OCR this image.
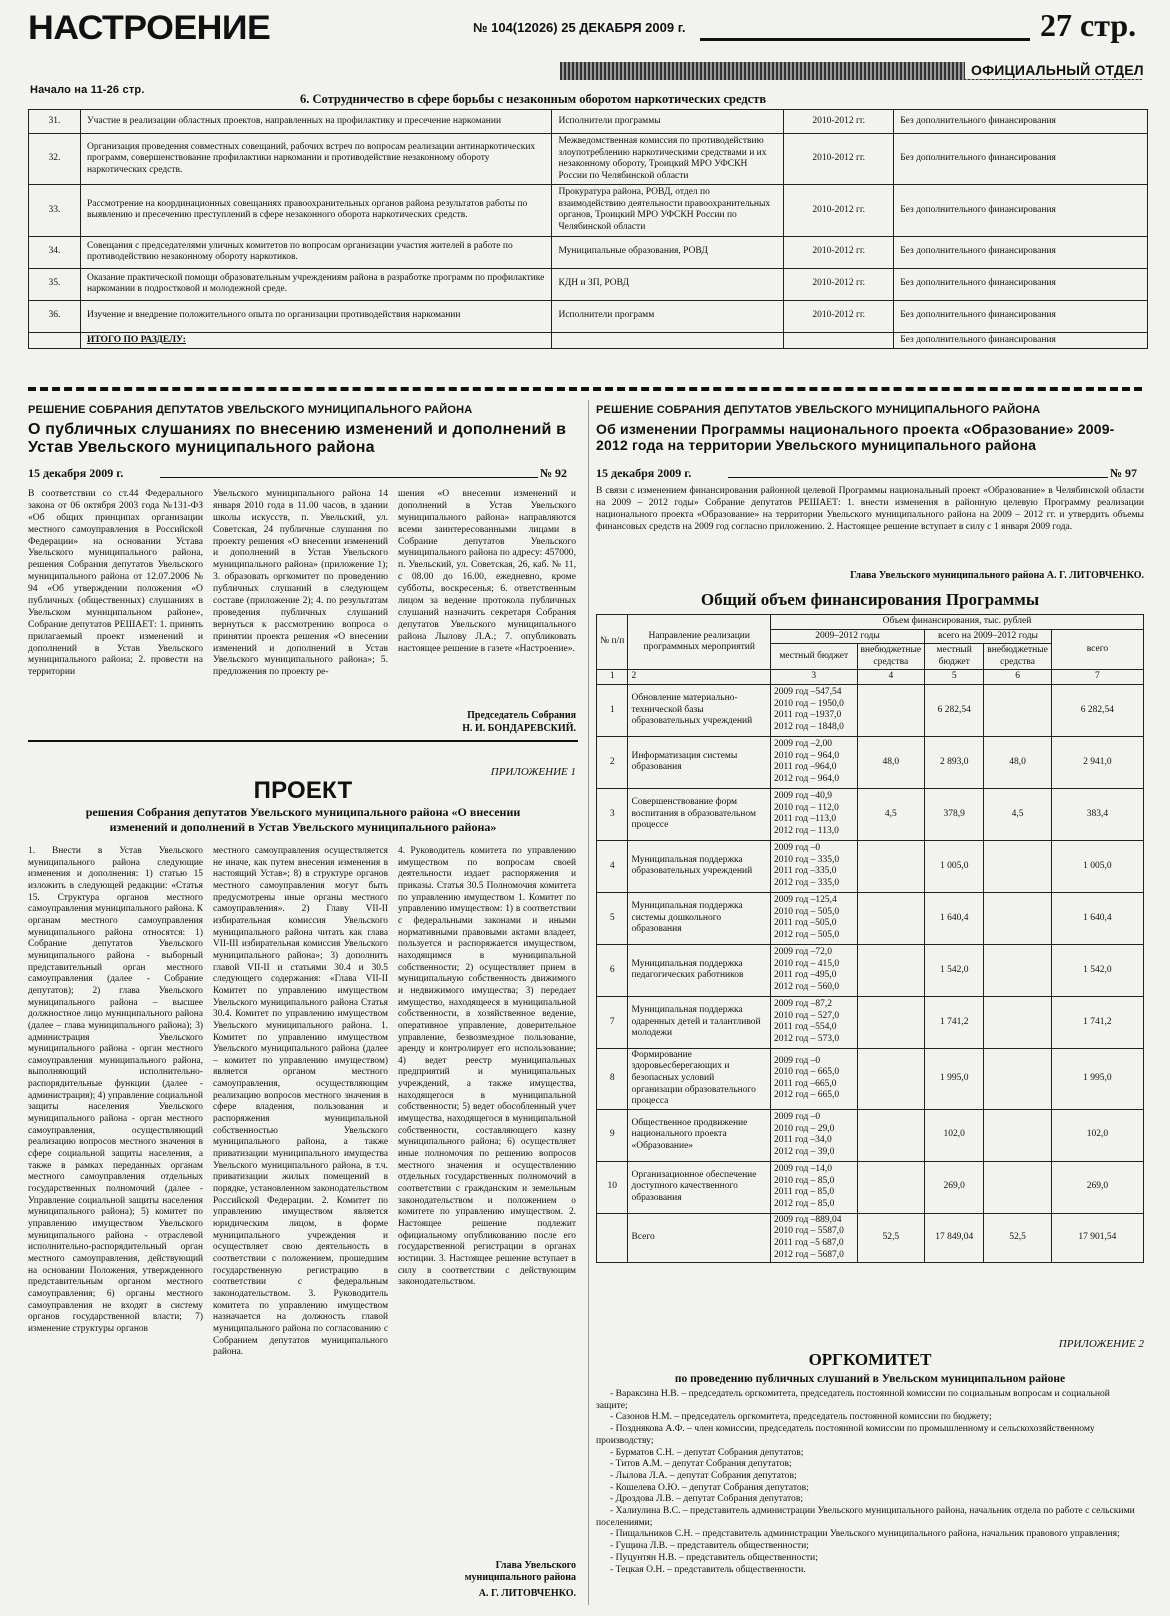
НАСТРОЕНИЕ	№ 104(12026) 25 ДЕКАБРЯ 2009 г.	27 стр.
ОФИЦИАЛЬНЫЙ ОТДЕЛ
Начало на 11-26 стр.
6. Сотрудничество в сфере борьбы с незаконным оборотом наркотических средств
31.	Участие в реализации областных проектов, направленных на профилактику и пресечение наркомании	Исполнители программы	2010-2012 гг.	Без дополнительного финансирования
32.	Организация проведения совместных совещаний, рабочих встреч по вопросам реализации антинаркотических программ, совершенствование профилактики наркомании и противодействие незаконному обороту наркотических средств.	Межведомственная комиссия по противодействию злоупотреблению наркотическими средствами и их незаконному обороту, Троицкий МРО УФСКН России по Челябинской области	2010-2012 гг.	Без дополнительного финансирования
33.	Рассмотрение на координационных совещаниях правоохранительных органов района результатов работы по выявлению и пресечению преступлений в сфере незаконного оборота наркотических средств.	Прокуратура района, РОВД, отдел по взаимодействию деятельности правоохранительных органов, Троицкий МРО УФСКН России по Челябинской области	2010-2012 гг.	Без дополнительного финансирования
34.	Совещания с председателями уличных комитетов по вопросам организации участия жителей в работе по противодействию незаконному обороту наркотиков.	Муниципальные образования, РОВД	2010-2012 гг.	Без дополнительного финансирования
35.	Оказание практической помощи образовательным учреждениям района в разработке программ по профилактике наркомании в подростковой и молодежной среде.	КДН и ЗП, РОВД	2010-2012 гг.	Без дополнительного финансирования
36.	Изучение и внедрение положительного опыта по организации противодействия наркомании	Исполнители программ	2010-2012 гг.	Без дополнительного финансирования
	ИТОГО ПО РАЗДЕЛУ:			Без дополнительного финансирования
РЕШЕНИЕ СОБРАНИЯ ДЕПУТАТОВ УВЕЛЬСКОГО МУНИЦИПАЛЬНОГО РАЙОНА
О публичных слушаниях по внесению изменений и дополнений в Устав Увельского муниципального района
15 декабря 2009 г.	№ 92
В соответствии со ст.44 Федерального закона от 06 октября 2003 года №131-ФЗ «Об общих принципах организации местного самоуправления в Российской Федерации» на основании Устава Увельского муниципального района, решения Собрания депутатов Увельского муниципального района от 12.07.2006 № 94 «Об утверждении положения «О публичных (общественных) слушаниях в Увельском муниципальном районе», Собрание депутатов РЕШАЕТ: 1. принять прилагаемый проект изменений и дополнений в Устав Увельского муниципального района; 2. провести на территории
Увельского муниципального района 14 января 2010 года в 11.00 часов, в здании школы искусств, п. Увельский, ул. Советская, 24 публичные слушания по проекту решения «О внесении изменений и дополнений в Устав Увельского муниципального района» (приложение 1); 3. образовать оргкомитет по проведению публичных слушаний в следующем составе (приложение 2); 4. по результатам проведения публичных слушаний вернуться к рассмотрению вопроса о принятии проекта решения «О внесении изменений и дополнений в Устав Увельского муниципального района»; 5. предложения по проекту ре-
шения «О внесении изменений и дополнений в Устав Увельского муниципального района» направляются всеми заинтересованными лицами в Собрание депутатов Увельского муниципального района по адресу: 457000, п. Увельский, ул. Советская, 26, каб. № 11, с 08.00 до 16.00, ежедневно, кроме субботы, воскресенья; 6. ответственным лицом за ведение протокола публичных слушаний назначить секретаря Собрания депутатов Увельского муниципального района Лылову Л.А.; 7. опубликовать настоящее решение в газете «Настроение».
Председатель Собрания
Н. И. БОНДАРЕВСКИЙ.
ПРИЛОЖЕНИЕ 1
ПРОЕКТ
решения Собрания депутатов Увельского муниципального района «О внесении изменений и дополнений в Устав Увельского муниципального района»
1. Внести в Устав Увельского муниципального района следующие изменения и дополнения: 1) статью 15 изложить в следующей редакции: «Статья 15. Структура органов местного самоуправления муниципального района. К органам местного самоуправления муниципального района относятся: 1) Собрание депутатов Увельского муниципального района - выборный представительный орган местного самоуправления (далее - Собрание депутатов); 2) глава Увельского муниципального района – высшее должностное лицо муниципального района (далее – глава муниципального района); 3) администрация Увельского муниципального района - орган местного самоуправления муниципального района, выполняющий исполнительно-распорядительные функции (далее - администрация); 4) управление социальной защиты населения Увельского муниципального района - орган местного самоуправления, осуществляющий реализацию вопросов местного значения в сфере социальной защиты населения, а также в рамках переданных органам местного самоуправления отдельных государственных полномочий (далее - Управление социальной защиты населения муниципального района); 5) комитет по управлению имуществом Увельского муниципального района - отраслевой исполнительно-распорядительный орган местного самоуправления, действующий на основании Положения, утвержденного представительным органом местного самоуправления; 6) органы местного самоуправления не входят в систему органов государственной власти; 7) изменение структуры органов
местного самоуправления осуществляется не иначе, как путем внесения изменения в настоящий Устав»; 8) в структуре органов местного самоуправления могут быть предусмотрены иные органы местного самоуправления». 2) Главу VII-II избирательная комиссия Увельского муниципального района читать как глава VII-III избирательная комиссия Увельского муниципального района»; 3) дополнить главой VII-II и статьями 30.4 и 30.5 следующего содержания: «Глава VII-II Комитет по управлению имуществом Увельского муниципального района Статья 30.4. Комитет по управлению имуществом Увельского муниципального района. 1. Комитет по управлению имуществом Увельского муниципального района (далее – комитет по управлению имуществом) является органом местного самоуправления, осуществляющим реализацию вопросов местного значения в сфере владения, пользования и распоряжения муниципальной собственностью Увельского муниципального района, а также приватизации муниципального имущества Увельского муниципального района, в т.ч. приватизации жилых помещений в порядке, установленном законодательством Российской Федерации. 2. Комитет по управлению имуществом является юридическим лицом, в форме муниципального учреждения и осуществляет свою деятельность в соответствии с положением, прошедшим государственную регистрацию в соответствии с федеральным законодательством. 3. Руководитель комитета по управлению имуществом назначается на должность главой муниципального района по согласованию с Собранием депутатов муниципального района.
4. Руководитель комитета по управлению имуществом по вопросам своей деятельности издает распоряжения и приказы. Статья 30.5 Полномочия комитета по управлению имуществом 1. Комитет по управлению имуществом: 1) в соответствии с федеральными законами и иными нормативными правовыми актами владеет, пользуется и распоряжается имуществом, находящимся в муниципальной собственности; 2) осуществляет прием в муниципальную собственность движимого и недвижимого имущества; 3) передает имущество, находящееся в муниципальной собственности, в хозяйственное ведение, оперативное управление, доверительное управление, безвозмездное пользование, аренду и контролирует его использование; 4) ведет реестр муниципальных предприятий и муниципальных учреждений, а также имущества, находящегося в муниципальной собственности; 5) ведет обособленный учет имущества, находящегося в муниципальной собственности, составляющего казну муниципального района; 6) осуществляет иные полномочия по решению вопросов местного значения и осуществлению отдельных государственных полномочий в соответствии с гражданским и земельным законодательством и положением о комитете по управлению имуществом. 2. Настоящее решение подлежит официальному опубликованию после его государственной регистрации в органах юстиции. 3. Настоящее решение вступает в силу в соответствии с действующим законодательством.
Глава Увельского муниципального района
А. Г. ЛИТОВЧЕНКО.
РЕШЕНИЕ СОБРАНИЯ ДЕПУТАТОВ УВЕЛЬСКОГО МУНИЦИПАЛЬНОГО РАЙОНА
Об изменении Программы национального проекта «Образование» 2009-2012 года на территории Увельского муниципального района
15 декабря 2009 г.	№ 97
В связи с изменением финансирования районной целевой Программы национальный проект «Образование» в Челябинской области на 2009 – 2012 годы» Собрание депутатов РЕШАЕТ: 1. внести изменения в районную целевую Программу реализации национального проекта «Образование» на территории Увельского муниципального района на 2009 – 2012 гг. и утвердить объемы финансовых средств на 2009 год согласно приложению. 2. Настоящее решение вступает в силу с 1 января 2009 года.
Глава Увельского муниципального района А. Г. ЛИТОВЧЕНКО.
Общий объем финансирования Программы
№ п/п	Направление реализации программных мероприятий	Объем финансирования, тыс. рублей				
		2009–2012 годы		всего на 2009–2012 годы		всего
		местный бюджет	внебюджетные средства	местный бюджет	внебюджетные средства	
1	2	3	4	5	6	7
1	Обновление материально-технической базы образовательных учреждений	2009 год –547,54
2010 год – 1950,0
2011 год –1937,0
2012 год – 1848,0		6 282,54		6 282,54
2	Информатизация системы образования	2009 год –2,00
2010 год – 964,0
2011 год –964,0
2012 год – 964,0	48,0	2 893,0	48,0	2 941,0
3	Совершенствование форм воспитания в образовательном процессе	2009 год –40,9
2010 год – 112,0
2011 год –113,0
2012 год – 113,0	4,5	378,9	4,5	383,4
4	Муниципальная поддержка образовательных учреждений	2009 год –0
2010 год – 335,0
2011 год –335,0
2012 год – 335,0		1 005,0		1 005,0
5	Муниципальная поддержка системы дошкольного образования	2009 год –125,4
2010 год – 505,0
2011 год –505,0
2012 год – 505,0		1 640,4		1 640,4
6	Муниципальная поддержка педагогических работников	2009 год –72,0
2010 год – 415,0
2011 год –495,0
2012 год – 560,0		1 542,0		1 542,0
7	Муниципальная поддержка одаренных детей и талантливой молодежи	2009 год –87,2
2010 год – 527,0
2011 год –554,0
2012 год – 573,0		1 741,2		1 741,2
8	Формирование здоровьесберегающих и безопасных условий организации образовательного процесса	2009 год –0
2010 год – 665,0
2011 год –665,0
2012 год – 665,0		1 995,0		1 995,0
9	Общественное продвижение национального проекта «Образование»	2009 год –0
2010 год – 29,0
2011 год –34,0
2012 год – 39,0		102,0		102,0
10	Организационное обеспечение доступного качественного образования	2009 год –14,0
2010 год – 85,0
2011 год – 85,0
2012 год – 85,0		269,0		269,0
	Всего	2009 год –889,04
2010 год – 5587,0
2011 год –5 687,0
2012 год – 5687,0	52,5	17 849,04	52,5	17 901,54
ПРИЛОЖЕНИЕ 2
ОРГКОМИТЕТ
по проведению публичных слушаний в Увельском муниципальном районе
- Вараксина Н.В. – председатель оргкомитета, председатель постоянной комиссии по социальным вопросам и социальной защите;
- Сазонов Н.М. – председатель оргкомитета, председатель постоянной комиссии по бюджету;
- Позднякова А.Ф. – член комиссии, председатель постоянной комиссии по промышленному и сельскохозяйственному производству;
- Бурматов С.Н. – депутат Собрания депутатов;
- Титов А.М. – депутат Собрания депутатов;
- Лылова Л.А. – депутат Собрания депутатов;
- Кошелева О.Ю. – депутат Собрания депутатов;
- Дроздова Л.В. – депутат Собрания депутатов;
- Халиулина В.С. – представитель администрации Увельского муниципального района, начальник отдела по работе с сельскими поселениями;
- Пищальников С.Н. – представитель администрации Увельского муниципального района, начальник правового управления;
- Гущина Л.В. – представитель общественности;
- Пуцунтян Н.В. – представитель общественности;
- Тецкая О.Н. – представитель общественности.
